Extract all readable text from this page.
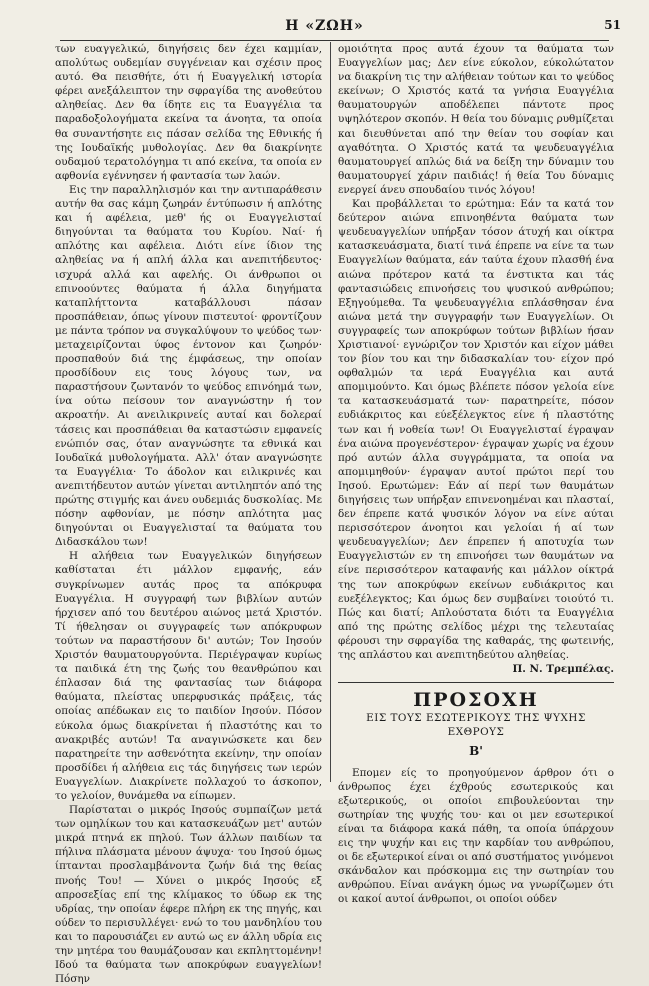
Η «ΖΩΗ»	51

των ευαγγελικώ, διηγήσεις δεν έχει καμμίαν, απολύτως ουδεμίαν συγγένειαν και σχέσιν προς αυτό. Θα πεισθήτε, ότι ή Ευαγγελική ιστορία φέρει ανεξάλειπτον την σφραγίδα της ανοθεύτου αληθείας. Δεν θα ίδητε εις τα Ευαγγέλια τα παραδοξολογήματα εκείνα τα άνοητα, τα οποία θα συναντήσητε εις πάσαν σελίδα της Εθνικής ή της Ιουδαϊκής μυθολογίας. Δεν θα διακρίνητε ουδαμού τερατολόγημα τι από εκείνα, τα οποία εν αφθονία εγέννησεν ή φαντασία των λαών.

Εις την παραλληλισμόν και την αντιπαράθεσιν αυτήν θα σας κάμη ζωηράν έντύπωσιν ή απλότης και ή αφέλεια, μεθ' ής οι Ευαγγελισταί διηγούνται τα θαύματα του Κυρίου. Ναί· ή απλότης και αφέλεια. Διότι είνε ίδιον της αληθείας να ή απλή άλλα και ανεπιτήδευτος· ισχυρά αλλά και αφελής. Οι άνθρωποι οι επινοούντες θαύματα ή άλλα διηγήματα καταπλήττοντα καταβάλλουσι πάσαν προσπάθειαν, όπως γίνουν πιστευτοί· φροντίζουν με πάντα τρόπον να συγκαλύψουν το ψεύδος των· μεταχειρίζονται ύφος έντονον και ζωηρόν· προσπαθούν διά της έμφάσεως, την οποίαν προσδίδουν εις τους λόγους των, να παραστήσουν ζωντανόν το ψεύδος επινόημά των, ίνα ούτω πείσουν τον αναγνώστην ή τον ακροατήν. Αι ανειλικρινείς αυταί και δολεραί τάσεις και προσπάθειαι θα καταστώσιν εμφανείς ενώπιόν σας, όταν αναγνώσητε τα εθνικά και Ιουδαϊκά μυθολογήματα. Αλλ' όταν αναγνώσητε τα Ευαγγέλια· Το άδολον και ειλικρινές και ανεπιτήδευτον αυτών γίνεται αντιληπτόν από της πρώτης στιγμής και άνευ ουδεμιάς δυσκολίας. Με πόσην αφθονίαν, με πόσην απλότητα μας διηγούνται οι Ευαγγελισταί τα θαύματα του Διδασκάλου των!

Η αλήθεια των Ευαγγελικών διηγήσεων καθίσταται έτι μάλλον εμφανής, εάν συγκρίνωμεν αυτάς προς τα απόκρυφα Ευαγγέλια. Η συγγραφή των βιβλίων αυτών ήρχισεν από του δευτέρου αιώνος μετά Χριστόν. Τί ήθελησαν οι συγγραφείς των απόκρυφων τούτων να παραστήσουν δι' αυτών; Τον Ιησούν Χριστόν θαυματουργούντα. Περιέγραψαν κυρίως τα παιδικά έτη της ζωής του θεανθρώπου και έπλασαν διά της φαντασίας των διάφορα θαύματα, πλείστας υπερφυσικάς πράξεις, τάς οποίας απέδωκαν εις το παιδίον Ιησούν. Πόσον εύκολα όμως διακρίνεται ή πλαστότης και το ανακριβές αυτών! Τα αναγινώσκετε και δεν παρατηρείτε την ασθενότητα εκείνην, την οποίαν προσδίδει ή αλήθεια εις τάς διηγήσεις των ιερών Ευαγγελίων. Διακρίνετε πολλαχού το άσκοπον, το γελοίον, θυνάμεθα να είπωμεν.

Παρίσταται ο μικρός Ιησούς συμπαίζων μετά των ομηλίκων του και κατασκευάζων μετ' αυτών μικρά πτηνά εκ πηλού. Των άλλων παιδίων τα πήλινα πλάσματα μένουν άψυχα· του Ιησού όμως ίπτανται προσλαμβάνοντα ζωήν διά της θείας πνοής Του! — Χύνει ο μικρός Ιησούς εξ απροσεξίας επί της κλίμακος το ύδωρ εκ της υδρίας, την οποίαν έφερε πλήρη εκ της πηγής, και ούδεν το περισυλλέγει· ενώ το του μανδηλίου του και το παρουσιάζει εν αυτώ ως εν άλλη υδρία εις την μητέρα του θαυμάζουσαν και εκπληττομένην! Ιδού τα θαύματα των αποκρύφων ευαγγελίων! Πόσην

ομοιότητα προς αυτά έχουν τα θαύματα των Ευαγγελίων μας; Δεν είνε εύκολον, εύκολώτατον να διακρίνη τις την αλήθειαν τούτων και το ψεύδος εκείνων; Ο Χριστός κατά τα γνήσια Ευαγγέλια θαυματουργών αποδέλεπει πάντοτε προς υψηλότερον σκοπόν. Η θεία του δύναμις ρυθμίζεται και διευθύνεται από την θείαν του σοφίαν και αγαθότητα. Ο Χριστός κατά τα ψευδευαγγέλια θαυματουργεί απλώς διά να δείξη την δύναμιν του θαυματουργεί χάριν παιδιάς! ή θεία Του δύναμις ενεργεί άνευ σπουδαίου τινός λόγου!

Και προβάλλεται το ερώτημα: Εάν τα κατά τον δεύτερον αιώνα επινοηθέντα θαύματα των ψευδευαγγελίων υπήρξαν τόσον άτυχή και οίκτρα κατασκευάσματα, διατί τινά έπρεπε να είνε τα των Ευαγγελίων θαύματα, εάν ταύτα έχουν πλασθή ένα αιώνα πρότερον κατά τα ένστικτα και τάς φαντασιώδεις επινοήσεις του ψυσικού ανθρώπου; Εξηγούμεθα. Τα ψευδευαγγέλια επλάσθησαν ένα αιώνα μετά την συγγραφήν των Ευαγγελίων. Οι συγγραφείς των αποκρύφων τούτων βιβλίων ήσαν Χριστιανοί· εγνώριζον τον Χριστόν και είχον μάθει τον βίον του και την διδασκαλίαν του· είχον πρό οφθαλμών τα ιερά Ευαγγέλια και αυτά απομιμούντο. Και όμως βλέπετε πόσον γελοία είνε τα κατασκευάσματά των· παρατηρείτε, πόσον ευδιάκριτος και εύεξέλεγκτος είνε ή πλαστότης των και ή νοθεία των! Οι Ευαγγελισταί έγραψαν ένα αιώνα προγενέστερον· έγραψαν χωρίς να έχουν πρό αυτών άλλα συγγράμματα, τα οποία να απομιμηθούν· έγραψαν αυτοί πρώτοι περί του Ιησού. Ερωτώμεν: Εάν αί περί των θαυμάτων διηγήσεις των υπήρξαν επινενοημέναι και πλασταί, δεν έπρεπε κατά ψυσικόν λόγον να είνε αύται περισσότερον άνοητοι και γελοίαι ή αί των ψευδευαγγελίων; Δεν έπρεπεν ή αποτυχία των Ευαγγελιστών εν τη επινοήσει των θαυμάτων να είνε περισσότερον καταφανής και μάλλον οίκτρά της των αποκρύφων εκείνων ευδιάκριτος και ευεξέλεγκτος; Και όμως δεν συμβαίνει τοιούτό τι. Πώς και διατί; Απλούστατα διότι τα Ευαγγέλια από της πρώτης σελίδος μέχρι της τελευταίας φέρουσι την σφραγίδα της καθαράς, της φωτεινής, της απλάστου και ανεπιτηδεύτου αληθείας.

Π. Ν. Τρεμπέλας.

ΠΡΟΣΟΧΗ
ΕΙΣ ΤΟΥΣ ΕΣΩΤΕΡΙΚΟΥΣ ΤΗΣ ΨΥΧΗΣ ΕΧΘΡΟΥΣ
Β'

Επομεν είς το προηγούμενον άρθρον ότι ο άνθρωπος έχει έχθρούς εσωτερικούς και εξωτερικούς, οι οποίοι επιβουλεύονται την σωτηρίαν της ψυχής του· και οι μεν εσωτερικοί είναι τα διάφορα κακά πάθη, τα οποία ύπάρχουν εις την ψυχήν και εις την καρδίαν του ανθρώπου, οι δε εξωτερικοί είναι οι από συστήματος γινόμενοι σκάνδαλον και πρόσκομμα εις την σωτηρίαν του ανθρώπου. Είναι ανάγκη όμως να γνωρίζωμεν ότι οι κακοί αυτοί άνθρωποι, οι οποίοι ούδεν
